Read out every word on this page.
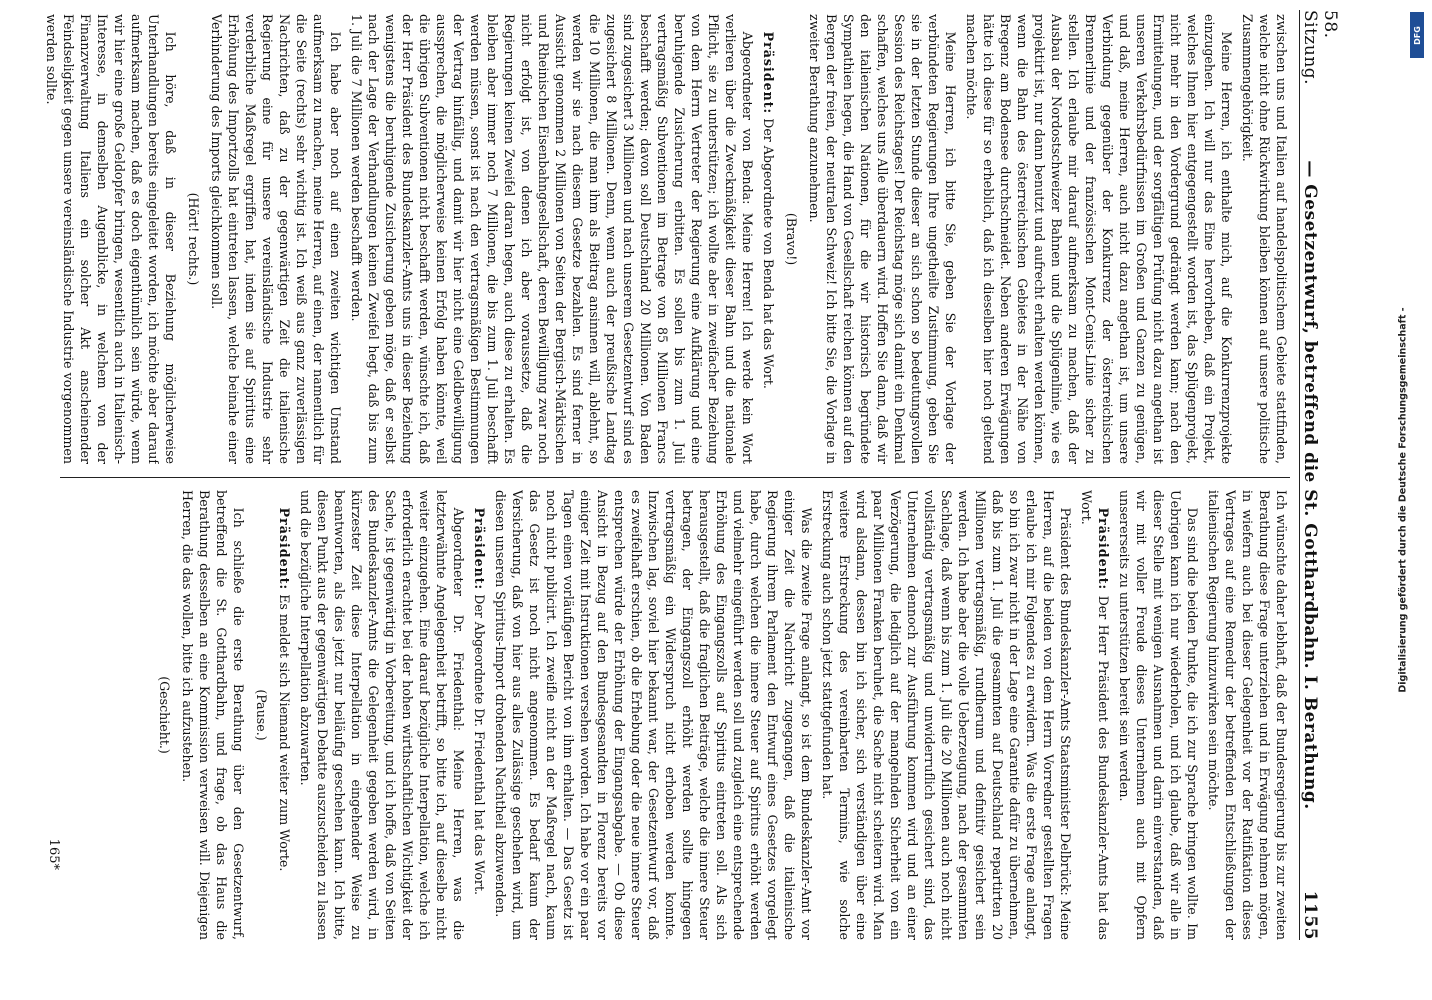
58. Sitzung.
— Gesetzentwurf, betreffend die St. Gotthardbahn. I. Berathung.
1155

zwischen uns und Italien auf handelspolitischem Gebiete stattfinden, welche nicht ohne Rückwirkung bleiben können auf unsere politische Zusammengehörigkeit.

Meine Herren, ich enthalte mich, auf die Konkurrenzprojekte einzugehen. Ich will nur das Eine hervorheben, daß ein Projekt, welches Ihnen hier entgegengestellt worden ist, das Splügenprojekt, nicht mehr in den Vordergrund gedrängt werden kann; nach den Ermittelungen, und der sorgfältigen Prüfung nicht dazu angethan ist unseren Verkehrsbedürfnissen im Großen und Ganzen zu genügen, und daß, meine Herren, auch nicht dazu angethan ist, um unsere Verbindung gegenüber der Konkurrenz der österreichischen Brennerlinie und der französischen Mont-Cenis-Linie sicher zu stellen. Ich erlaube mir darauf aufmerksam zu machen, daß der Ausbau der Nordostschweizer Bahnen und die Splügenlinie, wie es projektirt ist, nur dann benutzt und aufrecht erhalten werden können, wenn die Bahn des österreichischen Gebietes in der Nähe von Bregenz am Bodensee durchschneidet. Neben anderen Erwägungen hätte ich diese für so erheblich, daß ich dieselben hier noch geltend machen möchte.

Meine Herren, ich bitte Sie, geben Sie der Vorlage der verbündeten Regierungen Ihre ungetheilte Zustimmung, geben Sie sie in der letzten Stunde dieser an sich schon so bedeutungsvollen Session des Reichstages! Der Reichstag möge sich damit ein Denkmal schaffen, welches uns Alle überdauern wird. Hoffen Sie dann, daß wir den italienischen Nationen, für die wir historisch begründete Sympathien hegen, die Hand von Gesellschaft reichen können auf den Bergen der freien, der neutralen Schweiz! Ich bitte Sie, die Vorlage in zweiter Berathung anzunehmen.

(Bravo!)

Präsident: Der Abgeordnete von Benda hat das Wort.

Abgeordneter von Benda: Meine Herren! Ich werde kein Wort verlieren über die Zweckmäßigkeit dieser Bahn und die nationale Pflicht, sie zu unterstützen; ich wollte aber in zweifacher Beziehung von dem Herrn Vertreter der Regierung eine Aufklärung und eine beruhigende Zusicherung erbitten. Es sollen bis zum 1. Juli vertragsmäßig Subventionen im Betrage von 85 Millionen Francs beschafft werden; davon soll Deutschland 20 Millionen. Von Baden sind zugesichert 3 Millionen und nach unserem Gesetzentwurf sind es zugesichert 8 Millionen. Denn, wenn auch der preußische Landtag die 10 Millionen, die man ihm als Beitrag ansinnen will, ablehnt, so werden wir sie nach diesem Gesetze bezahlen. Es sind ferner in Aussicht genommen 2 Millionen von Seiten der Bergisch-Märkischen und Rheinischen Eisenbahngesellschaft, deren Bewilligung zwar noch nicht erfolgt ist, von denen ich aber voraussetze, daß die Regierungen keinen Zweifel daran hegen, auch diese zu erhalten. Es bleiben aber immer noch 7 Millionen, die bis zum 1. Juli beschafft werden müssen, sonst ist nach den vertragsmäßigen Bestimmungen der Vertrag hinfällig, und damit wir hier nicht eine Geldbewilligung aussprechen, die möglicherweise keinen Erfolg haben könnte, weil die übrigen Subventionen nicht beschafft werden, wünschte ich, daß der Herr Präsident des Bundeskanzler-Amts uns in dieser Beziehung wenigstens die beruhigende Zusicherung geben möge, daß er selbst nach der Lage der Verhandlungen keinen Zweifel hegt, daß bis zum 1. Juli die 7 Millionen werden beschafft werden.

Ich habe aber noch auf einen zweiten wichtigen Umstand aufmerksam zu machen, meine Herren, auf einen, der namentlich für die Seite (rechts) sehr wichtig ist. Ich weiß aus ganz zuverlässigen Nachrichten, daß zu der gegenwärtigen Zeit die italienische Regierung eine für unsere vereinsländische Industrie sehr verderbliche Maßregel ergriffen hat, indem sie auf Spiritus eine Erhöhung des Importzolls hat eintreten lassen, welche beinahe einer Verhinderung des Imports gleichkommen soll.

(Hört! rechts.)

Ich höre, daß in dieser Beziehung möglicherweise Unterhandlungen bereits eingeleitet worden, ich möchte aber darauf aufmerksam machen, daß es doch eigenthümlich sein würde, wenn wir hier eine große Geldopfer bringen, wesentlich auch in Italienisch-Interesse, in demselben Augenblicke, in welchem von der Finanzverwaltung Italiens ein solcher Akt anscheinender Feindseligkeit gegen unsere vereinsländische Industrie vorgenommen werden sollte.

Ich wünschte daher lebhaft, daß der Bundesregierung bis zur zweiten Berathung diese Frage unterziehen und in Erwägung nehmen mögen, in wiefern auch bei dieser Gelegenheit vor der Ratifikation dieses Vertrages auf eine Remedur der betreffenden Entschließungen der italienischen Regierung hinzuwirken sein möchte.

Das sind die beiden Punkte, die ich zur Sprache bringen wollte. Im Uebrigen kann ich nur wiederholen, und ich glaube, daß wir alle in dieser Stelle mit wenigen Ausnahmen und darin einverstanden, daß wir mit voller Freude dieses Unternehmen auch mit Opfern unsererseits zu unterstützen bereit sein werden.

Präsident: Der Herr Präsident des Bundeskanzler-Amts hat das Wort.

Präsident des Bundeskanzler-Amts Staatsminister Delbrück: Meine Herren, auf die beiden von dem Herrn Vorredner gestellten Fragen erlaube ich mir Folgendes zu erwidern. Was die erste Frage anlangt, so bin ich zwar nicht in der Lage eine Garantie dafür zu übernehmen, daß bis zum 1. Juli die gesammten auf Deutschland repartirten 20 Millionen vertragsmäßig, rundherum und definitiv gesichert sein werden. Ich habe aber die volle Ueberzeugung, nach der gesammten Sachlage, daß wenn bis zum 1. Juli die 20 Millionen auch noch nicht vollständig vertragsmäßig und unwiderruflich gesichert sind, das Unternehmen dennoch zur Ausführung kommen wird und an einer Verzögerung, die lediglich auf der mangelnden Sicherheit von ein paar Millionen Franken beruhet, die Sache nicht scheitern wird. Man wird alsdann, dessen bin ich sicher, sich verständigen über eine weitere Erstreckung des vereinbarten Termins, wie solche Erstreckung auch schon jetzt stattgefunden hat.

Was die zweite Frage anlangt, so ist dem Bundeskanzler-Amt vor einiger Zeit die Nachricht zugegangen, daß die italienische Regierung ihrem Parlament den Entwurf eines Gesetzes vorgelegt habe, durch welchen die innere Steuer auf Spiritus erhöht werden und vielmehr eingeführt werden soll und zugleich eine entsprechende Erhöhung des Eingangszolls auf Spiritus eintreten soll. Als sich herausgestellt, daß die fraglichen Beiträge, welche die innere Steuer betragen, der Eingangszoll erhöht werden sollte hingegen vertragsmäßig ein Widerspruch nicht erhoben werden konnte. Inzwischen lag, soviel hier bekannt war, der Gesetzentwurf vor, daß es zweifelhaft erschien, ob die Erhebung oder die neue innere Steuer entsprechen würde der Erhöhung der Eingangsabgabe. — Ob diese Ansicht in Bezug auf den Bundesgesandten in Florenz bereits vor einiger Zeit mit Instruktionen versehen worden. Ich habe vor ein paar Tagen einen vorläufigen Bericht von ihm erhalten. — Das Gesetz ist noch nicht publicirt. Ich zweifle nicht an der Maßregel nach, kaum das Gesetz ist noch nicht angenommen. Es bedarf kaum der Versicherung, daß von hier aus alles Zulässige geschehen wird, um diesen unseren Spiritus-Import drohenden Nachtheil abzuwenden.

Präsident: Der Abgeordnete Dr. Friedenthal hat das Wort.

Abgeordneter Dr. Friedenthal: Meine Herren, was die letzterwähnte Angelegenheit betrifft, so bitte ich, auf dieselbe nicht weiter einzugehen. Eine darauf bezügliche Interpellation, welche ich erforderlich erachtet bei der hohen wirthschaftlichen Wichtigkeit der Sache, ist gegenwärtig in Vorbereitung, und ich hoffe, daß von Seiten des Bundeskanzler-Amts die Gelegenheit gegeben werden wird, in kürzester Zeit diese Interpellation in eingehender Weise zu beantworten, als dies jetzt nur beiläufig geschehen kann. Ich bitte, diesen Punkt aus der gegenwärtigen Debatte auszuscheiden zu lassen und die bezügliche Interpellation abzuwarten.

Präsident: Es meldet sich Niemand weiter zum Worte.

(Pause.)

Ich schließe die erste Berathung über den Gesetzentwurf, betreffend die St. Gotthardbahn, und frage, ob das Haus die Berathung desselben an eine Kommission verweisen will. Diejenigen Herren, die das wollen, bitte ich aufzustehen.

(Geschieht.)

165*
Digitalisierung gefördert durch die Deutsche Forschungsgemeinschaft -
DFG
